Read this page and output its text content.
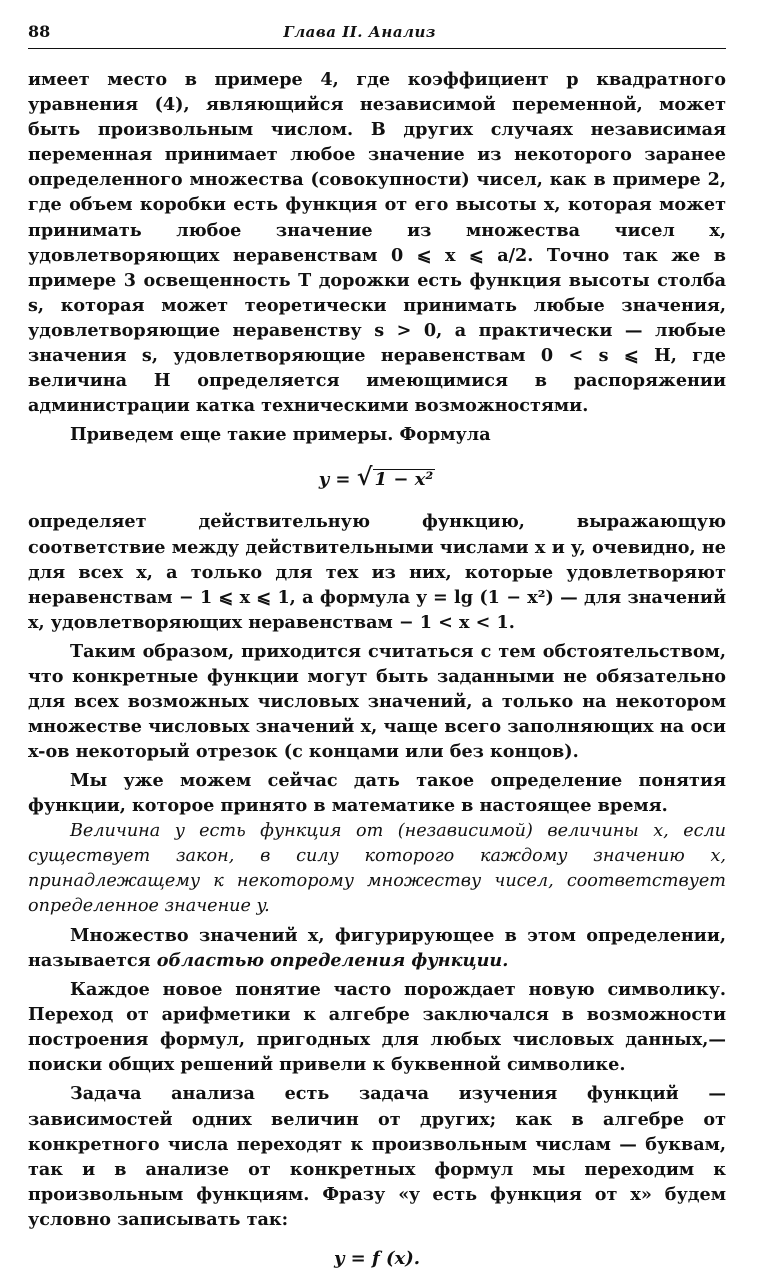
88	Глава II. Анализ

имеет место в примере 4, где коэффициент p квадратного уравнения (4), являющийся независимой переменной, может быть произвольным числом. В других случаях независимая переменная принимает любое значение из некоторого заранее определенного множества (совокупности) чисел, как в примере 2, где объем коробки есть функция от его высоты x, которая может принимать любое значение из множества чисел x, удовлетворяющих неравенствам 0 ⩽ x ⩽ a/2. Точно так же в примере 3 освещенность T дорожки есть функция высоты столба s, которая может теоретически принимать любые значения, удовлетворяющие неравенству s > 0, а практически — любые значения s, удовлетворяющие неравенствам 0 < s ⩽ H, где величина H определяется имеющимися в распоряжении администрации катка техническими возможностями.

Приведем еще такие примеры. Формула

y = √ 1 − x²

определяет действительную функцию, выражающую соответствие между действительными числами x и y, очевидно, не для всех x, а только для тех из них, которые удовлетворяют неравенствам − 1 ⩽ x ⩽ 1, а формула y = lg (1 − x²) — для значений x, удовлетворяющих неравенствам − 1 < x < 1.

Таким образом, приходится считаться с тем обстоятельством, что конкретные функции могут быть заданными не обязательно для всех возможных числовых значений, а только на некотором множестве числовых значений x, чаще всего заполняющих на оси x-ов некоторый отрезок (с концами или без концов).

Мы уже можем сейчас дать такое определение понятия функции, которое принято в математике в настоящее время.

Величина y есть функция от (независимой) величины x, если существует закон, в силу которого каждому значению x, принадлежащему к некоторому множеству чисел, соответствует определенное значение y.

Множество значений x, фигурирующее в этом определении, называется областью определения функции.

Каждое новое понятие часто порождает новую символику. Переход от арифметики к алгебре заключался в возможности построения формул, пригодных для любых числовых данных,— поиски общих решений привели к буквенной символике.

Задача анализа есть задача изучения функций — зависимостей одних величин от других; как в алгебре от конкретного числа переходят к произвольным числам — буквам, так и в анализе от конкретных формул мы переходим к произвольным функциям. Фразу «y есть функция от x» будем условно записывать так:

y = f (x).
